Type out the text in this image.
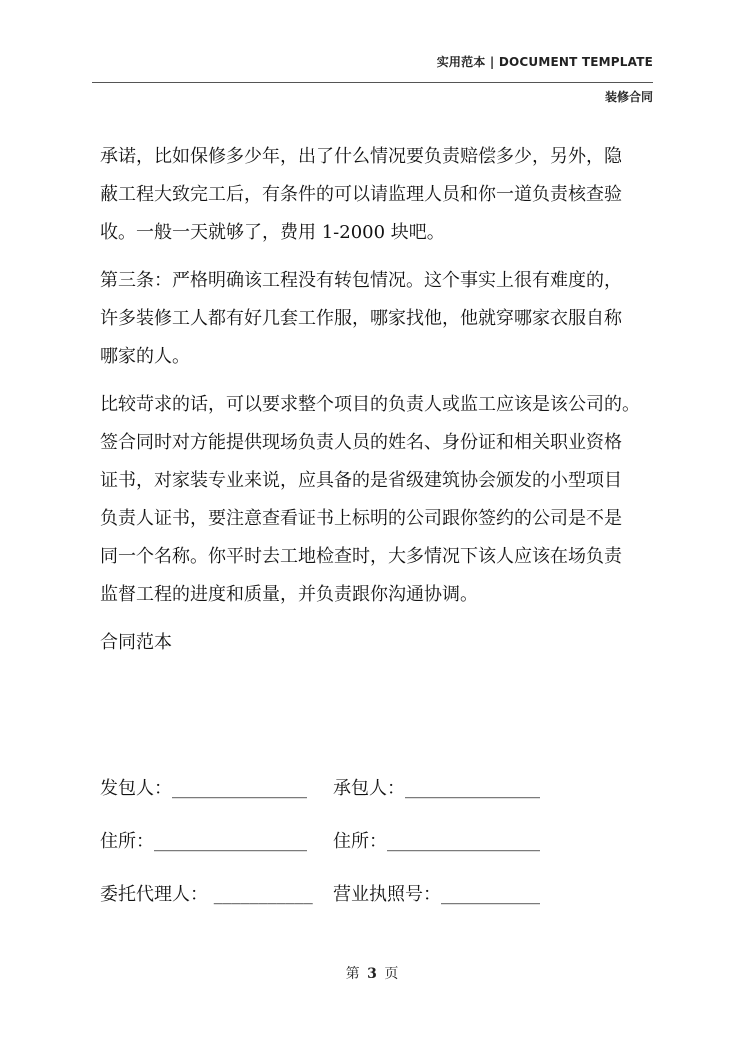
实用范本 | DOCUMENT TEMPLATE
装修合同
承诺，比如保修多少年，出了什么情况要负责赔偿多少，另外，隐
蔽工程大致完工后，有条件的可以请监理人员和你一道负责核查验
收。一般一天就够了，费用 1-2000 块吧。
第三条：严格明确该工程没有转包情况。这个事实上很有难度的，
许多装修工人都有好几套工作服，哪家找他，他就穿哪家衣服自称
哪家的人。
比较苛求的话，可以要求整个项目的负责人或监工应该是该公司的。
签合同时对方能提供现场负责人员的姓名、身份证和相关职业资格
证书，对家装专业来说，应具备的是省级建筑协会颁发的小型项目
负责人证书，要注意查看证书上标明的公司跟你签约的公司是不是
同一个名称。你平时去工地检查时，大多情况下该人应该在场负责
监督工程的进度和质量，并负责跟你沟通协调。
合同范本
发包人：_______________ 承包人：_______________
住所：_________________ 住所：_________________
委托代理人： ___________ 营业执照号：___________
第 3 页
